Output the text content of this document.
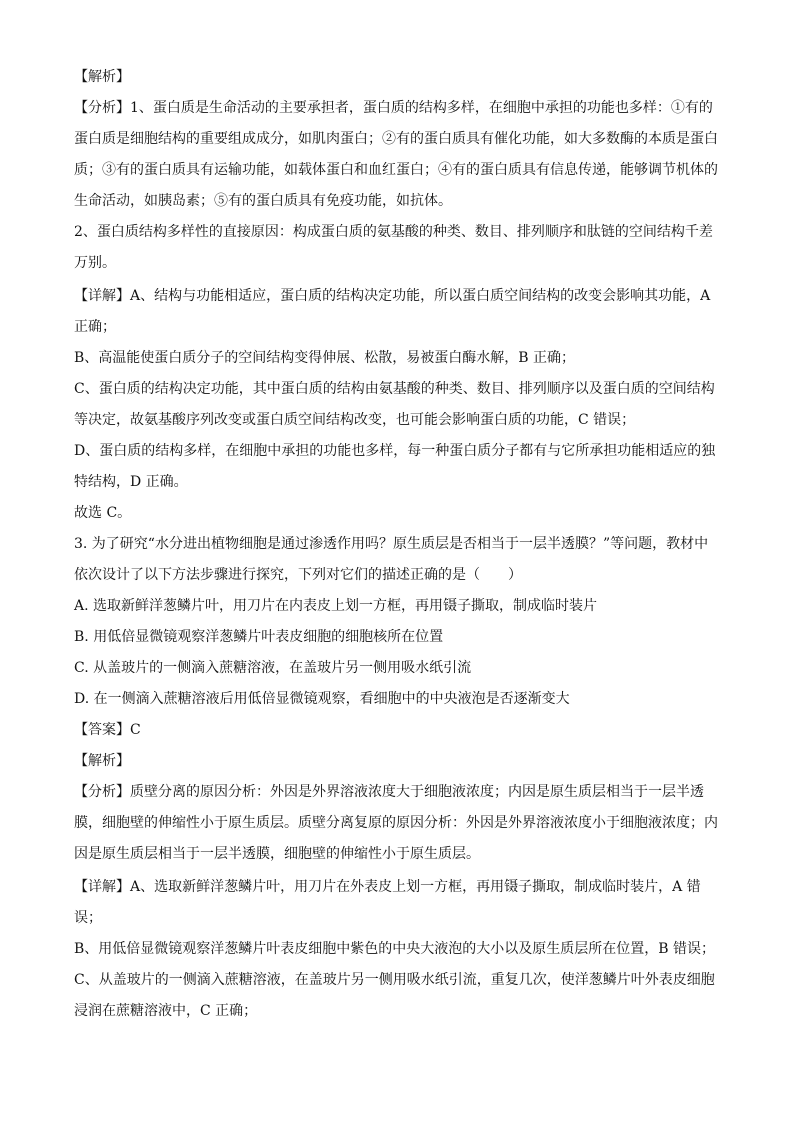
【解析】
【分析】1、蛋白质是生命活动的主要承担者，蛋白质的结构多样，在细胞中承担的功能也多样：①有的
蛋白质是细胞结构的重要组成成分，如肌肉蛋白；②有的蛋白质具有催化功能，如大多数酶的本质是蛋白
质；③有的蛋白质具有运输功能，如载体蛋白和血红蛋白；④有的蛋白质具有信息传递，能够调节机体的
生命活动，如胰岛素；⑤有的蛋白质具有免疫功能，如抗体。
2、蛋白质结构多样性的直接原因：构成蛋白质的氨基酸的种类、数目、排列顺序和肽链的空间结构千差
万别。
【详解】A、结构与功能相适应，蛋白质的结构决定功能，所以蛋白质空间结构的改变会影响其功能，A
正确；
B、高温能使蛋白质分子的空间结构变得伸展、松散，易被蛋白酶水解，B 正确；
C、蛋白质的结构决定功能，其中蛋白质的结构由氨基酸的种类、数目、排列顺序以及蛋白质的空间结构
等决定，故氨基酸序列改变或蛋白质空间结构改变，也可能会影响蛋白质的功能，C 错误；
D、蛋白质的结构多样，在细胞中承担的功能也多样，每一种蛋白质分子都有与它所承担功能相适应的独
特结构，D 正确。
故选 C。
3. 为了研究“水分进出植物细胞是通过渗透作用吗？原生质层是否相当于一层半透膜？”等问题，教材中
依次设计了以下方法步骤进行探究，下列对它们的描述正确的是（　　）
A. 选取新鲜洋葱鳞片叶，用刀片在内表皮上划一方框，再用镊子撕取，制成临时装片
B. 用低倍显微镜观察洋葱鳞片叶表皮细胞的细胞核所在位置
C. 从盖玻片的一侧滴入蔗糖溶液，在盖玻片另一侧用吸水纸引流
D. 在一侧滴入蔗糖溶液后用低倍显微镜观察，看细胞中的中央液泡是否逐渐变大
【答案】C
【解析】
【分析】质壁分离的原因分析：外因是外界溶液浓度大于细胞液浓度；内因是原生质层相当于一层半透
膜，细胞壁的伸缩性小于原生质层。质壁分离复原的原因分析：外因是外界溶液浓度小于细胞液浓度；内
因是原生质层相当于一层半透膜，细胞壁的伸缩性小于原生质层。
【详解】A、选取新鲜洋葱鳞片叶，用刀片在外表皮上划一方框，再用镊子撕取，制成临时装片，A 错
误；
B、用低倍显微镜观察洋葱鳞片叶表皮细胞中紫色的中央大液泡的大小以及原生质层所在位置，B 错误；
C、从盖玻片的一侧滴入蔗糖溶液，在盖玻片另一侧用吸水纸引流，重复几次，使洋葱鳞片叶外表皮细胞
浸润在蔗糖溶液中，C 正确；
